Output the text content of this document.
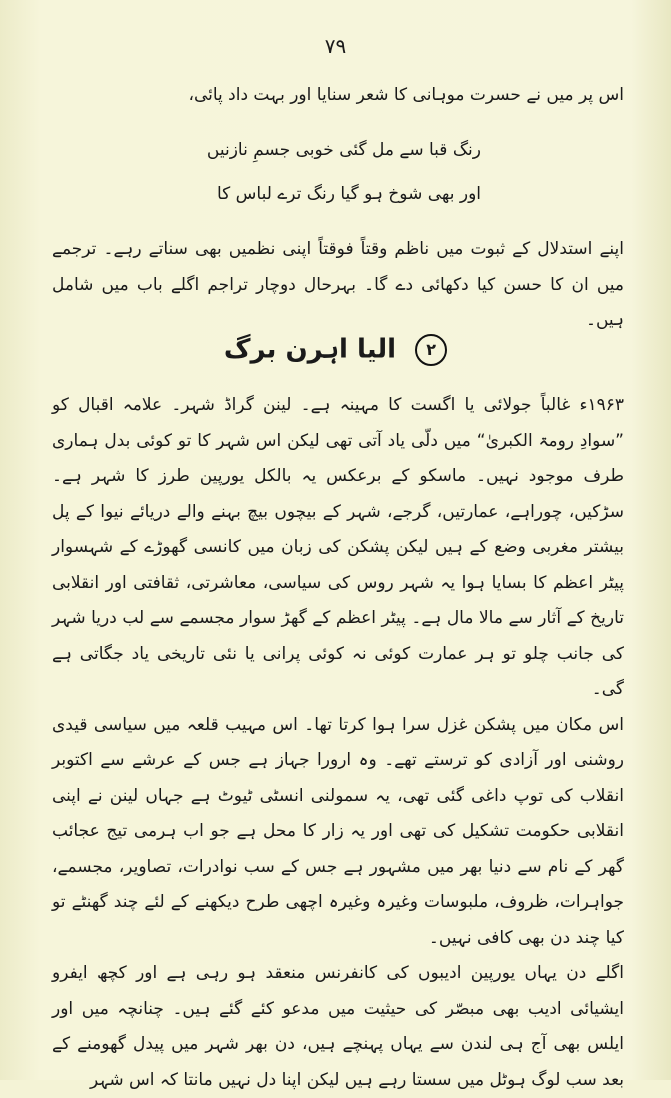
۷۹

اس پر میں نے حسرت موہانی کا شعر سنایا اور بہت داد پائی،

رنگ قبا سے مل گئی خوبی جسمِ نازنیں
اور بھی شوخ ہو گیا رنگ ترے لباس کا

اپنے استدلال کے ثبوت میں ناظم وقتاً فوقتاً اپنی نظمیں بھی سناتے رہے۔ ترجمے میں ان کا حسن کیا دکھائی دے گا۔ بہرحال دوچار تراجم اگلے باب میں شامل ہیں۔

۲ الیا اہرن برگ

۱۹۶۳ء غالباً جولائی یا اگست کا مہینہ ہے۔ لینن گراڈ شہر۔ علامہ اقبال کو ”سوادِ رومۃ الکبریٰ“ میں دلّی یاد آتی تھی لیکن اس شہر کا تو کوئی بدل ہماری طرف موجود نہیں۔ ماسکو کے برعکس یہ بالکل یورپین طرز کا شہر ہے۔ سڑکیں، چوراہے، عمارتیں، گرجے، شہر کے بیچوں بیچ بہنے والے دریائے نیوا کے پل بیشتر مغربی وضع کے ہیں لیکن پشکن کی زبان میں کانسی گھوڑے کے شہسوار پیٹر اعظم کا بسایا ہوا یہ شہر روس کی سیاسی، معاشرتی، ثقافتی اور انقلابی تاریخ کے آثار سے مالا مال ہے۔ پیٹر اعظم کے گھڑ سوار مجسمے سے لب دریا شہر کی جانب چلو تو ہر عمارت کوئی نہ کوئی پرانی یا نئی تاریخی یاد جگاتی ہے گی۔

اس مکان میں پشکن غزل سرا ہوا کرتا تھا۔ اس مہیب قلعہ میں سیاسی قیدی روشنی اور آزادی کو ترستے تھے۔ وہ ارورا جہاز ہے جس کے عرشے سے اکتوبر انقلاب کی توپ داغی گئی تھی، یہ سمولنی انسٹی ٹیوٹ ہے جہاں لینن نے اپنی انقلابی حکومت تشکیل کی تھی اور یہ زار کا محل ہے جو اب ہرمی تیج عجائب گھر کے نام سے دنیا بھر میں مشہور ہے جس کے سب نوادرات، تصاویر، مجسمے، جواہرات، ظروف، ملبوسات وغیرہ وغیرہ اچھی طرح دیکھنے کے لئے چند گھنٹے تو کیا چند دن بھی کافی نہیں۔

اگلے دن یہاں یورپین ادیبوں کی کانفرنس منعقد ہو رہی ہے اور کچھ ایفرو ایشیائی ادیب بھی مبصّر کی حیثیت میں مدعو کئے گئے ہیں۔ چنانچہ میں اور ایلس بھی آج ہی لندن سے یہاں پہنچے ہیں، دن بھر شہر میں پیدل گھومنے کے بعد سب لوگ ہوٹل میں سستا رہے ہیں لیکن اپنا دل نہیں مانتا کہ اس شہر
